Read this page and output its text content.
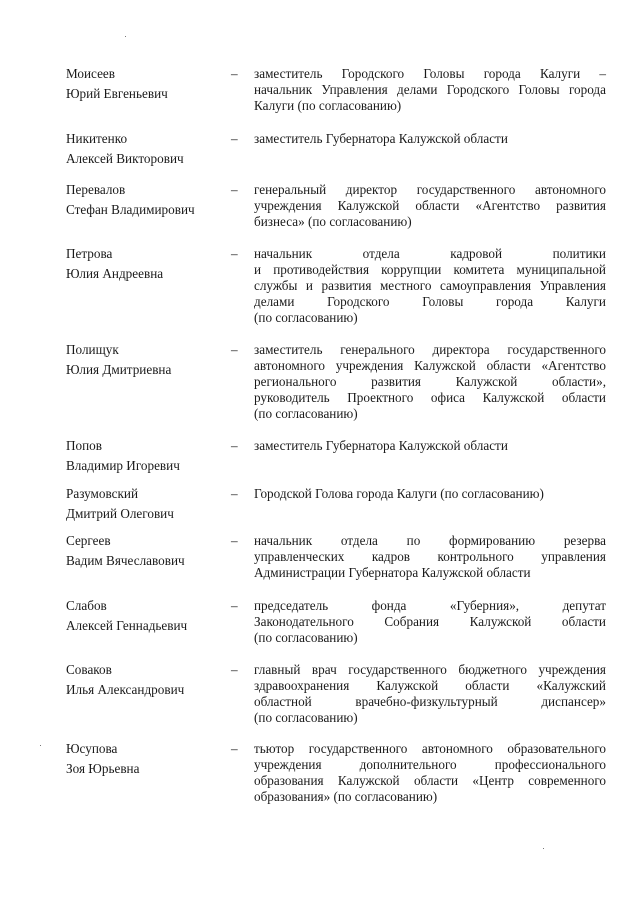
Моисеев
Юрий Евгеньевич
– заместитель Городского Головы города Калуги –
начальник Управления делами Городского Головы города
Калуги (по согласованию)
Никитенко
Алексей Викторович
– заместитель Губернатора Калужской области
Перевалов
Стефан Владимирович
– генеральный директор государственного автономного
учреждения Калужской области «Агентство развития
бизнеса» (по согласованию)
Петрова
Юлия Андреевна
– начальник отдела кадровой политики
и противодействия коррупции комитета муниципальной
службы и развития местного самоуправления Управления
делами Городского Головы города Калуги
(по согласованию)
Полищук
Юлия Дмитриевна
– заместитель генерального директора государственного
автономного учреждения Калужской области «Агентство
регионального развития Калужской области»,
руководитель Проектного офиса Калужской области
(по согласованию)
Попов
Владимир Игоревич
– заместитель Губернатора Калужской области
Разумовский
Дмитрий Олегович
– Городской Голова города Калуги (по согласованию)
Сергеев
Вадим Вячеславович
– начальник отдела по формированию резерва
управленческих кадров контрольного управления
Администрации Губернатора Калужской области
Слабов
Алексей Геннадьевич
– председатель фонда «Губерния», депутат
Законодательного Собрания Калужской области
(по согласованию)
Соваков
Илья Александрович
– главный врач государственного бюджетного учреждения
здравоохранения Калужской области «Калужский
областной врачебно-физкультурный диспансер»
(по согласованию)
Юсупова
Зоя Юрьевна
– тьютор государственного автономного образовательного
учреждения дополнительного профессионального
образования Калужской области «Центр современного
образования» (по согласованию)
